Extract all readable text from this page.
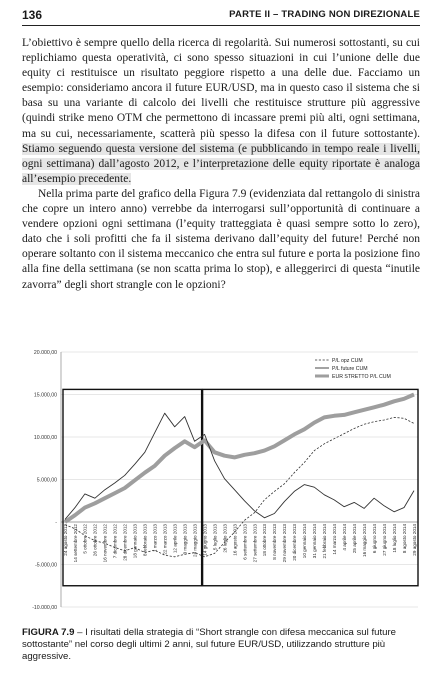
136	PARTE II – TRADING NON DIREZIONALE

L’obiettivo è sempre quello della ricerca di regolarità. Sui numerosi sottostanti, su cui replichiamo questa operatività, ci sono spesso situazioni in cui l’unione delle due equity ci restituisce un risultato peggiore rispetto a una delle due. Facciamo un esempio: consideriamo ancora il future EUR/USD, ma in questo caso il sistema che si basa su una variante di calcolo dei livelli che restituisce strutture più aggressive (quindi strike meno OTM che permettono di incassare premi più alti, ogni settimana, ma su cui, necessariamente, scatterà più spesso la difesa con il future sottostante). Stiamo seguendo questa versione del sistema (e pubblicando in tempo reale i livelli, ogni settimana) dall’agosto 2012, e l’interpretazione delle equity riportate è analoga all’esempio precedente.

Nella prima parte del grafico della Figura 7.9 (evidenziata dal rettangolo di sinistra che copre un intero anno) verrebbe da interrogarsi sull’opportunità di continuare a vendere opzioni ogni settimana (l’equity tratteggiata è quasi sempre sotto lo zero), dato che i soli profitti che fa il sistema derivano dall’equity del future! Perché non operare soltanto con il sistema meccanico che entra sul future e porta la posizione fino alla fine della settimana (se non scatta prima lo stop), e alleggerirci di questa “inutile zavorra” degli short strangle con le opzioni?

20.000,00
15.000,00
10.000,00
5.000,00
-
-5.000,00
-10.000,00
24 agosto 2012 14 settembre 2012 5 ottobre 2012 26 ottobre 2012 16 novembre 2012 7 dicembre 2012 28 dicembre 2012 18 gennaio 2013 8 febbraio 2013 1 marzo 2013 22 marzo 2013 12 aprile 2013 3 maggio 2013 24 maggio 2013 14 giugno 2013 5 luglio 2013 26 luglio 2013 16 agosto 2013 6 settembre 2013 27 settembre 2013 18 ottobre 2013 8 novembre 2013 29 novembre 2013 20 dicembre 2013 10 gennaio 2014 31 gennaio 2014 21 febbraio 2014 14 marzo 2014 4 aprile 2014 25 aprile 2014 16 maggio 2014 6 giugno 2014 27 giugno 2014 18 luglio 2014 8 agosto 2014 29 agosto 2014
P/L opz CUM
P/L future CUM
EUR STRETTO P/L CUM
FIGURA 7.9 – I risultati della strategia di “Short strangle con difesa meccanica sul future sottostante” nel corso degli ultimi 2 anni, sul future EUR/USD, utilizzando strutture più aggressive.
